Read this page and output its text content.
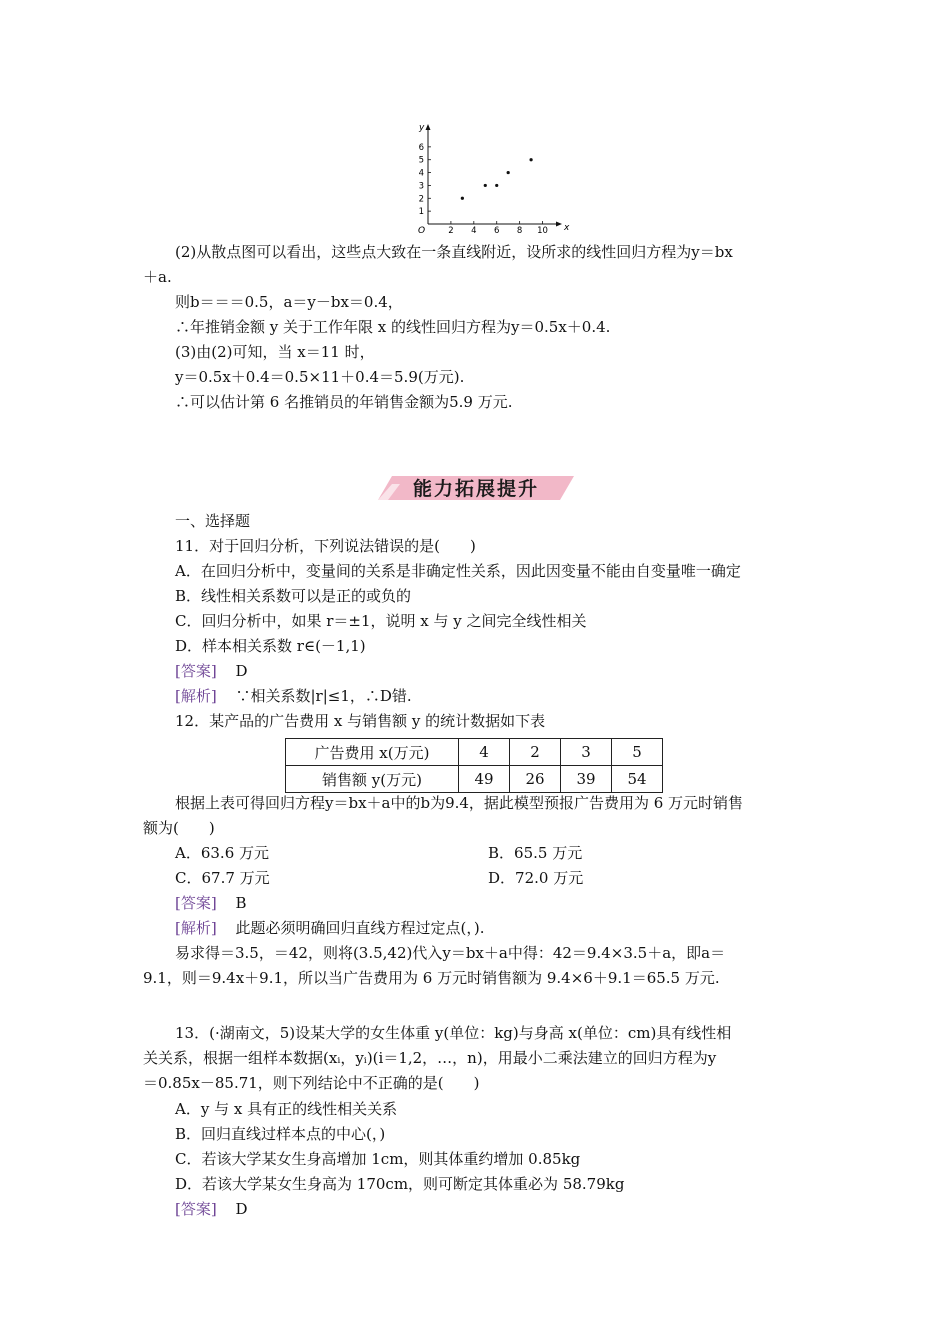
x
y
O	2 4 6 8 10
1
2
3
4
5
6
(2)从散点图可以看出，这些点大致在一条直线附近，设所求的线性回归方程为y＝bx
＋a.
则b＝＝＝0.5，a＝y－bx＝0.4，
∴年推销金额 y 关于工作年限 x 的线性回归方程为y＝0.5x＋0.4.
(3)由(2)可知，当 x＝11 时，
y＝0.5x＋0.4＝0.5×11＋0.4＝5.9(万元).
∴可以估计第 6 名推销员的年销售金额为5.9 万元.
能力拓展提升
一、选择题
11．对于回归分析，下列说法错误的是(　　)
A．在回归分析中，变量间的关系是非确定性关系，因此因变量不能由自变量唯一确定
B．线性相关系数可以是正的或负的
C．回归分析中，如果 r＝±1，说明 x 与 y 之间完全线性相关
D．样本相关系数 r∈(－1,1)
[答案] D
[解析] ∵相关系数|r|≤1，∴D错.
12．某产品的广告费用 x 与销售额 y 的统计数据如下表
广告费用 x(万元)	4	2	3	5
销售额 y(万元)	49	26	39	54
根据上表可得回归方程y＝bx＋a中的b为9.4，据此模型预报广告费用为 6 万元时销售
额为(　　)
A．63.6 万元	B．65.5 万元
C．67.7 万元	D．72.0 万元
[答案] B
[解析] 此题必须明确回归直线方程过定点(，).
易求得＝3.5，＝42，则将(3.5,42)代入y＝bx＋a中得：42＝9.4×3.5＋a，即a＝
9.1，则＝9.4x＋9.1，所以当广告费用为 6 万元时销售额为 9.4×6＋9.1＝65.5 万元.
13．(·湖南文，5)设某大学的女生体重 y(单位：kg)与身高 x(单位：cm)具有线性相
关关系，根据一组样本数据(xᵢ，yᵢ)(i＝1,2，…，n)，用最小二乘法建立的回归方程为y
＝0.85x－85.71，则下列结论中不正确的是(　　)
A．y 与 x 具有正的线性相关关系
B．回归直线过样本点的中心(，)
C．若该大学某女生身高增加 1cm，则其体重约增加 0.85kg
D．若该大学某女生身高为 170cm，则可断定其体重必为 58.79kg
[答案] D
